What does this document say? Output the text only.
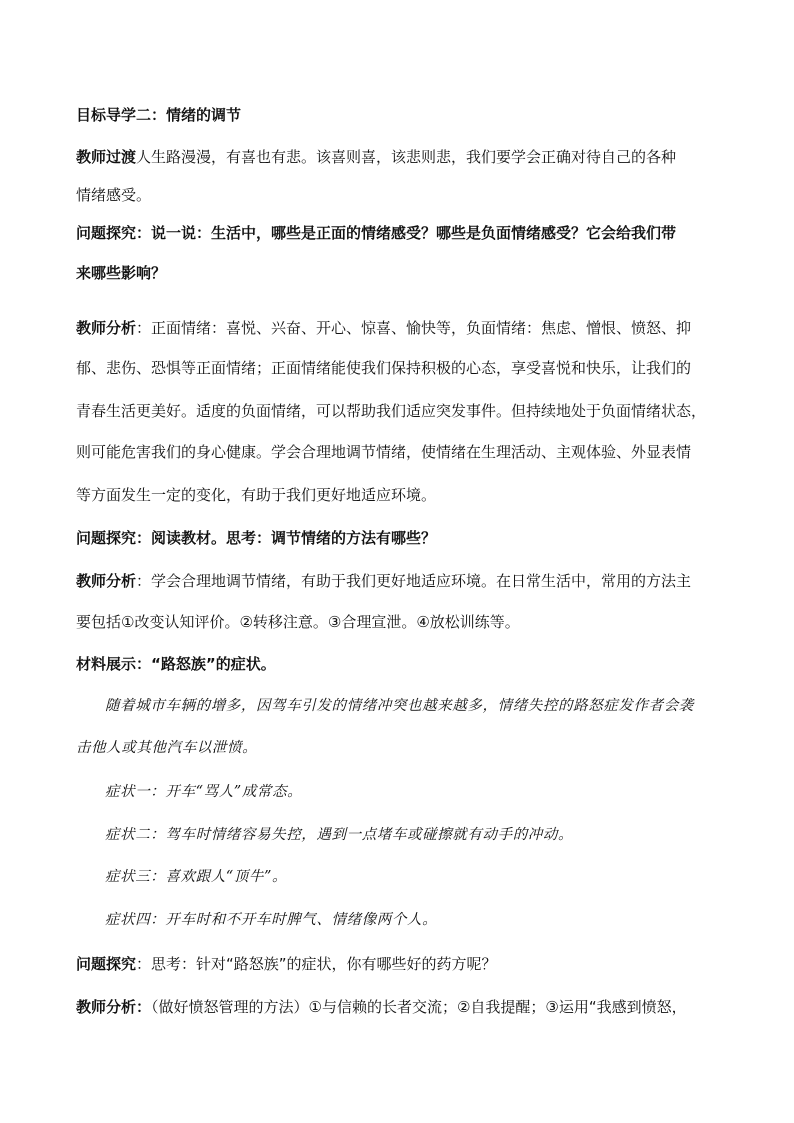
目标导学二：情绪的调节
教师过渡人生路漫漫，有喜也有悲。该喜则喜，该悲则悲，我们要学会正确对待自己的各种
情绪感受。
问题探究：说一说：生活中，哪些是正面的情绪感受？哪些是负面情绪感受？它会给我们带
来哪些影响？
教师分析：正面情绪：喜悦、兴奋、开心、惊喜、愉快等，负面情绪：焦虑、憎恨、愤怒、抑
郁、悲伤、恐惧等正面情绪；正面情绪能使我们保持积极的心态，享受喜悦和快乐，让我们的
青春生活更美好。适度的负面情绪，可以帮助我们适应突发事件。但持续地处于负面情绪状态，
则可能危害我们的身心健康。学会合理地调节情绪，使情绪在生理活动、主观体验、外显表情
等方面发生一定的变化，有助于我们更好地适应环境。
问题探究：阅读教材。思考：调节情绪的方法有哪些？
教师分析：学会合理地调节情绪，有助于我们更好地适应环境。在日常生活中，常用的方法主
要包括①改变认知评价。②转移注意。③合理宣泄。④放松训练等。
材料展示：“路怒族”的症状。
随着城市车辆的增多，因驾车引发的情绪冲突也越来越多，情绪失控的路怒症发作者会袭
击他人或其他汽车以泄愤。
症状一：开车“骂人”成常态。
症状二：驾车时情绪容易失控，遇到一点堵车或碰擦就有动手的冲动。
症状三：喜欢跟人“顶牛”。
症状四：开车时和不开车时脾气、情绪像两个人。
问题探究：思考：针对“路怒族”的症状，你有哪些好的药方呢？
教师分析：（做好愤怒管理的方法）①与信赖的长者交流；②自我提醒；③运用“我感到愤怒，
